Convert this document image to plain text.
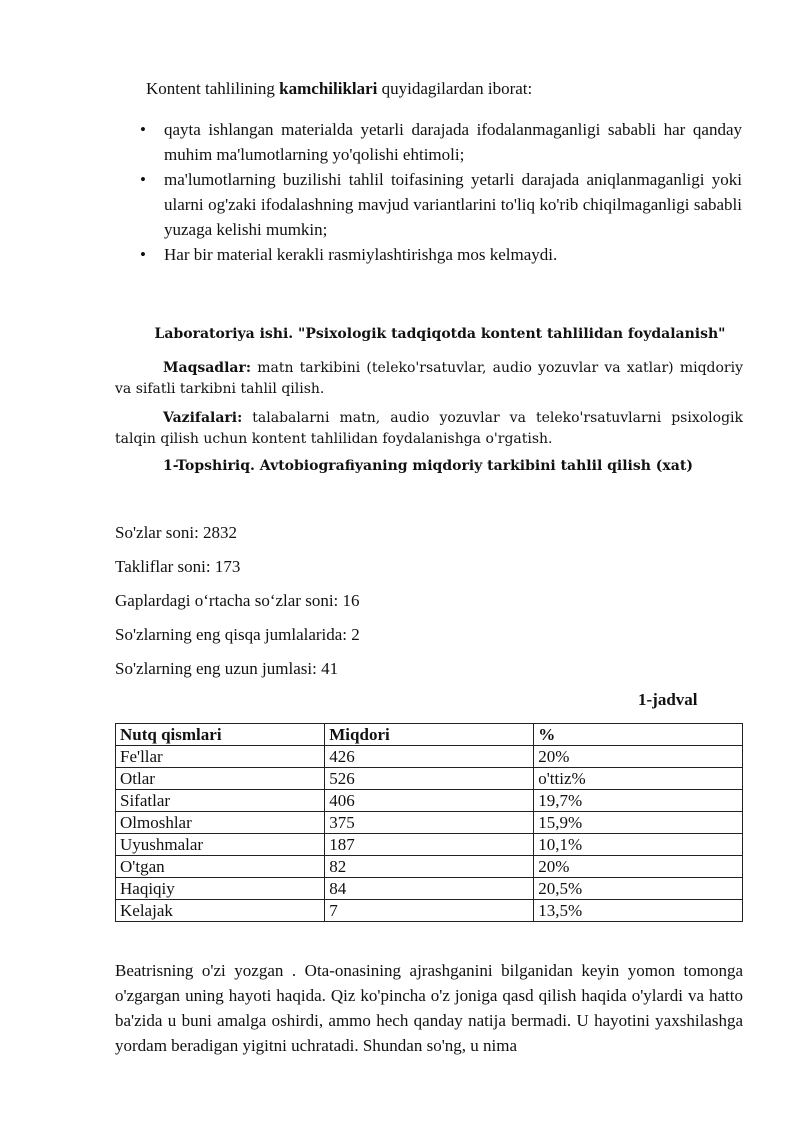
Kontent tahlilining kamchiliklari quyidagilardan iborat:
• qayta ishlangan materialda yetarli darajada ifodalanmaganligi sababli har qanday muhim ma'lumotlarning yo'qolishi ehtimoli;
• ma'lumotlarning buzilishi tahlil toifasining yetarli darajada aniqlanmaganligi yoki ularni og'zaki ifodalashning mavjud variantlarini to'liq ko'rib chiqilmaganligi sababli yuzaga kelishi mumkin;
• Har bir material kerakli rasmiylashtirishga mos kelmaydi.
Laboratoriya ishi. "Psixologik tadqiqotda kontent tahlilidan foydalanish"
Maqsadlar: matn tarkibini (teleko'rsatuvlar, audio yozuvlar va xatlar) miqdoriy va sifatli tarkibni tahlil qilish.
Vazifalari: talabalarni matn, audio yozuvlar va teleko'rsatuvlarni psixologik talqin qilish uchun kontent tahlilidan foydalanishga o'rgatish.
1-Topshiriq. Avtobiografiyaning miqdoriy tarkibini tahlil qilish (xat)
So'zlar soni: 2832
Takliflar soni: 173
Gaplardagi o‘rtacha so‘zlar soni: 16
So'zlarning eng qisqa jumlalarida: 2
So'zlarning eng uzun jumlasi: 41
1-jadval
Nutq qismlari	Miqdori	%
Fe'llar	426	20%
Otlar	526	o'ttiz%
Sifatlar	406	19,7%
Olmoshlar	375	15,9%
Uyushmalar	187	10,1%
O'tgan	82	20%
Haqiqiy	84	20,5%
Kelajak	7	13,5%
Beatrisning o'zi yozgan . Ota-onasining ajrashganini bilganidan keyin yomon tomonga o'zgargan uning hayoti haqida. Qiz ko'pincha o'z joniga qasd qilish haqida o'ylardi va hatto ba'zida u buni amalga oshirdi, ammo hech qanday natija bermadi. U hayotini yaxshilashga yordam beradigan yigitni uchratadi. Shundan so'ng, u nima
